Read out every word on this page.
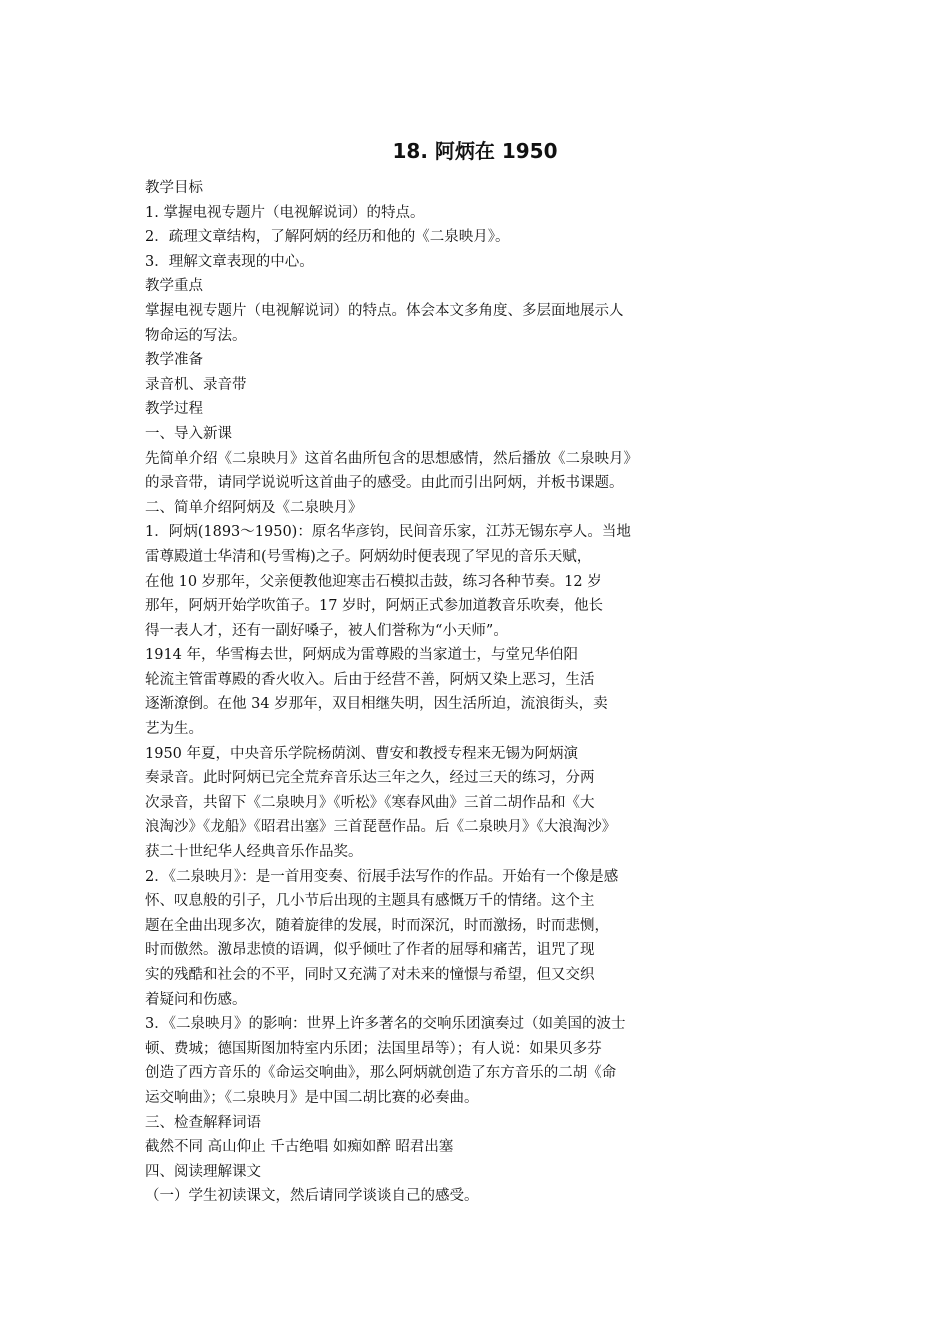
18. 阿炳在 1950
教学目标
1. 掌握电视专题片（电视解说词）的特点。
2．疏理文章结构，了解阿炳的经历和他的《二泉映月》。
3．理解文章表现的中心。
教学重点
掌握电视专题片（电视解说词）的特点。体会本文多角度、多层面地展示人
物命运的写法。
教学准备
录音机、录音带
教学过程
一、导入新课
先简单介绍《二泉映月》这首名曲所包含的思想感情，然后播放《二泉映月》
的录音带，请同学说说听这首曲子的感受。由此而引出阿炳，并板书课题。
二、简单介绍阿炳及《二泉映月》
1．阿炳(1893～1950)：原名华彦钧，民间音乐家，江苏无锡东亭人。当地
雷尊殿道士华清和(号雪梅)之子。阿炳幼时便表现了罕见的音乐天赋，
在他 10 岁那年，父亲便教他迎寒击石模拟击鼓，练习各种节奏。12 岁
那年，阿炳开始学吹笛子。17 岁时，阿炳正式参加道教音乐吹奏，他长
得一表人才，还有一副好嗓子，被人们誉称为“小天师”。
1914 年，华雪梅去世，阿炳成为雷尊殿的当家道士，与堂兄华伯阳
轮流主管雷尊殿的香火收入。后由于经营不善，阿炳又染上恶习，生活
逐渐潦倒。在他 34 岁那年，双目相继失明，因生活所迫，流浪街头，卖
艺为生。
1950 年夏，中央音乐学院杨荫浏、曹安和教授专程来无锡为阿炳演
奏录音。此时阿炳已完全荒弃音乐达三年之久，经过三天的练习，分两
次录音，共留下《二泉映月》《听松》《寒春风曲》三首二胡作品和《大
浪淘沙》《龙船》《昭君出塞》三首琵琶作品。后《二泉映月》《大浪淘沙》
获二十世纪华人经典音乐作品奖。
2．《二泉映月》：是一首用变奏、衍展手法写作的作品。开始有一个像是感
怀、叹息般的引子，几小节后出现的主题具有感慨万千的情绪。这个主
题在全曲出现多次，随着旋律的发展，时而深沉，时而激扬，时而悲恻，
时而傲然。激昂悲愤的语调，似乎倾吐了作者的屈辱和痛苦，诅咒了现
实的残酷和社会的不平，同时又充满了对未来的憧憬与希望，但又交织
着疑问和伤感。
3．《二泉映月》的影响：世界上许多著名的交响乐团演奏过（如美国的波士
顿、费城；德国斯图加特室内乐团；法国里昂等）；有人说：如果贝多芬
创造了西方音乐的《命运交响曲》，那么阿炳就创造了东方音乐的二胡《命
运交响曲》；《二泉映月》是中国二胡比赛的必奏曲。
三、检查解释词语
截然不同 高山仰止 千古绝唱 如痴如醉 昭君出塞
四、阅读理解课文
（一）学生初读课文，然后请同学谈谈自己的感受。
